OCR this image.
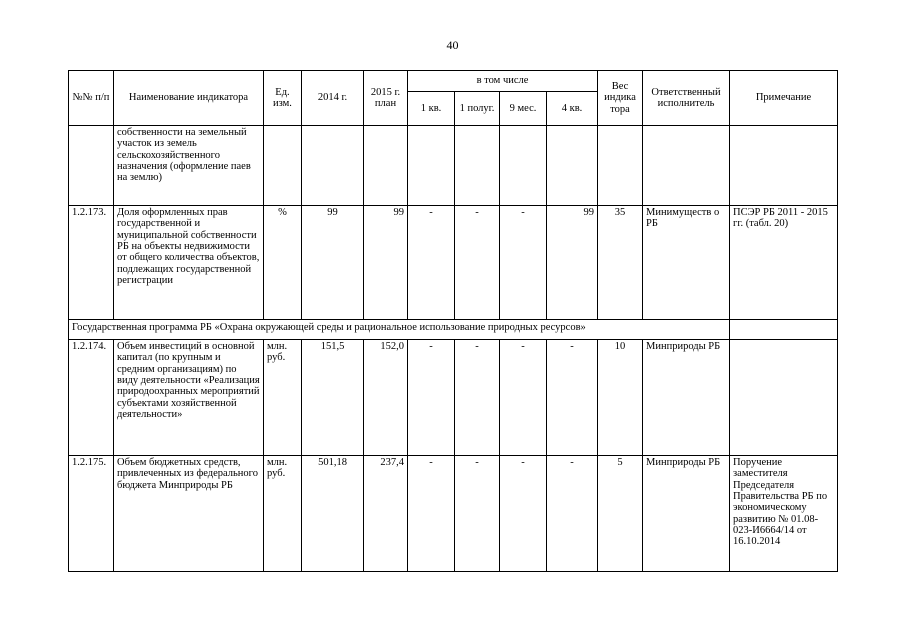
40
№№ п/п	Наименование индикатора	Ед. изм.	2014 г.	2015 г. план	в том числе				Вес индика тора	Ответственный исполнитель	Примечание
					1 кв.	1 полуг.	9 мес.	4 кв.			
	собственности на земельный участок из земель сельскохозяйственного назначения (оформление паев на землю)										
1.2.173.	Доля оформленных прав государственной и муниципальной собственности РБ на объекты недвижимости от общего количества объектов, подлежащих государственной регистрации	%	99	99	-	-	-	99	35	Минимуществ о РБ	ПСЭР РБ 2011 - 2015 гг. (табл. 20)
Государственная программа РБ «Охрана окружающей среды и рациональное использование природных ресурсов»											
1.2.174.	Объем инвестиций в основной капитал (по крупным и средним организациям) по виду деятельности «Реализация природоохранных мероприятий субъектами хозяйственной деятельности»	млн. руб.	151,5	152,0	-	-	-	-	10	Минприроды РБ	
1.2.175.	Объем бюджетных средств, привлеченных из федерального бюджета Минприроды РБ	млн. руб.	501,18	237,4	-	-	-	-	5	Минприроды РБ	Поручение заместителя Председателя Правительства РБ по экономическому развитию № 01.08-023-И6664/14 от 16.10.2014
